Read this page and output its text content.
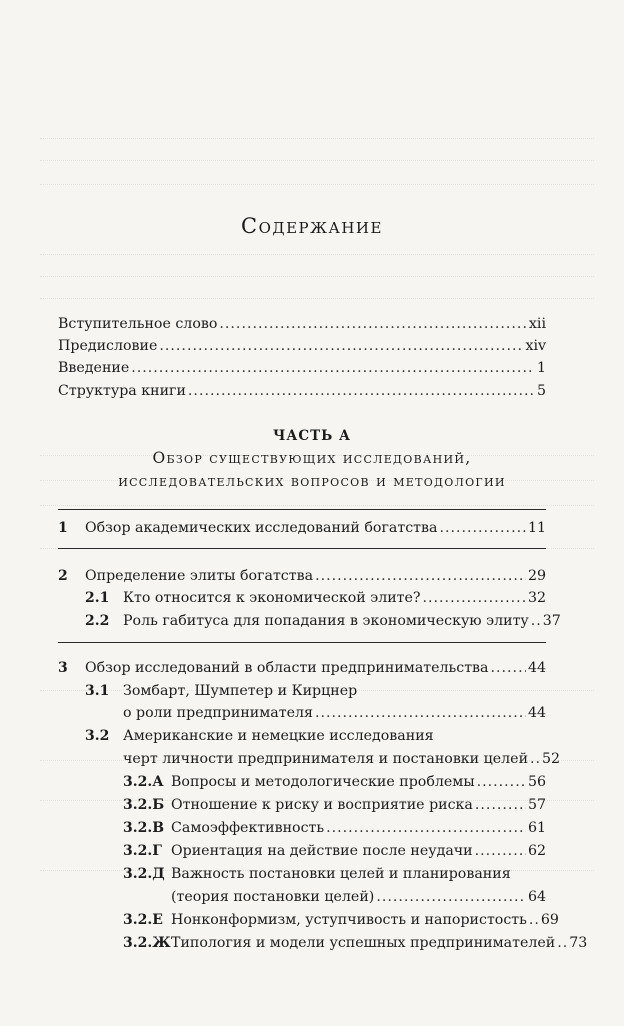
Содержание
Вступительное слово .....	xii
Предисловие .....	xiv
Введение .....	1
Структура книги .....	5
ЧАСТЬ А
Обзор существующих исследований,
исследовательских вопросов и методологии
1 Обзор академических исследований богатства .....	11
2 Определение элиты богатства .....	29
2.1 Кто относится к экономической элите? .....	32
2.2 Роль габитуса для попадания в экономическую элиту ..... 37
3 Обзор исследований в области предпринимательства .....	44
3.1 Зомбарт, Шумпетер и Кирцнер
о роли предпринимателя .....	44
3.2 Американские и немецкие исследования
черт личности предпринимателя и постановки целей ..... 52
3.2.А Вопросы и методологические проблемы .....	56
3.2.Б Отношение к риску и восприятие риска .....	57
3.2.В Самоэффективность .....	61
3.2.Г Ориентация на действие после неудачи .....	62
3.2.Д Важность постановки целей и планирования
(теория постановки целей) .....	64
3.2.Е Нонконформизм, уступчивость и напористость ..... 69
3.2.Ж Типология и модели успешных предпринимателей ..... 73
